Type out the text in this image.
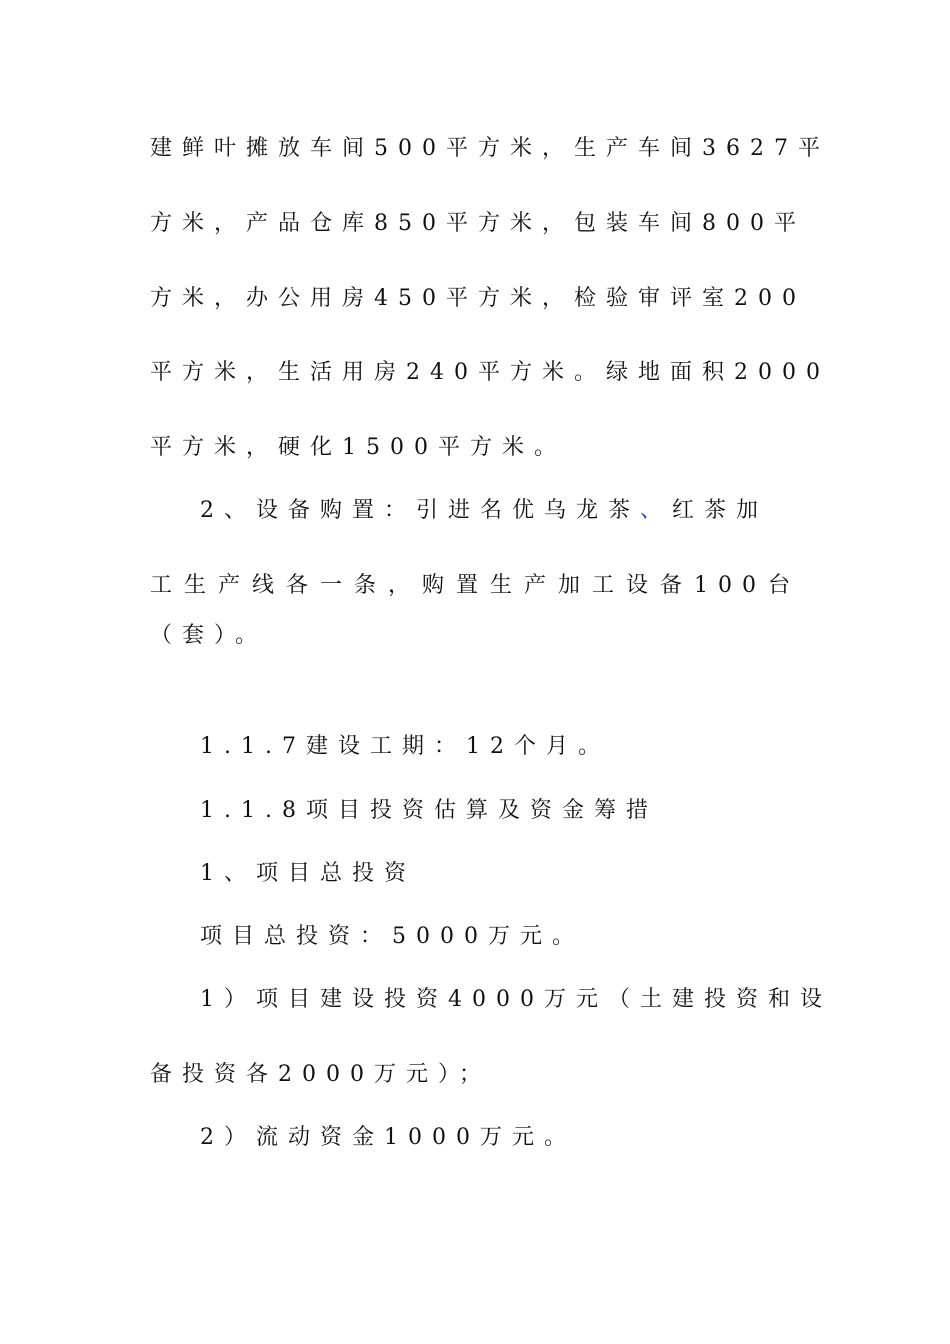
建鲜叶摊放车间500平方米，生产车间3627平
方米，产品仓库850平方米，包装车间800平
方米，办公用房450平方米，检验审评室200
平方米，生活用房240平方米。绿地面积2000
平方米，硬化1500平方米。
2、设备购置：引进名优乌龙茶、红茶加
工生产线各一条，购置生产加工设备100台
（套）。
1.1.7建设工期：12个月。
1.1.8项目投资估算及资金筹措
1、项目总投资
项目总投资：5000万元。
1）项目建设投资4000万元（土建投资和设
备投资各2000万元）；
2）流动资金1000万元。
